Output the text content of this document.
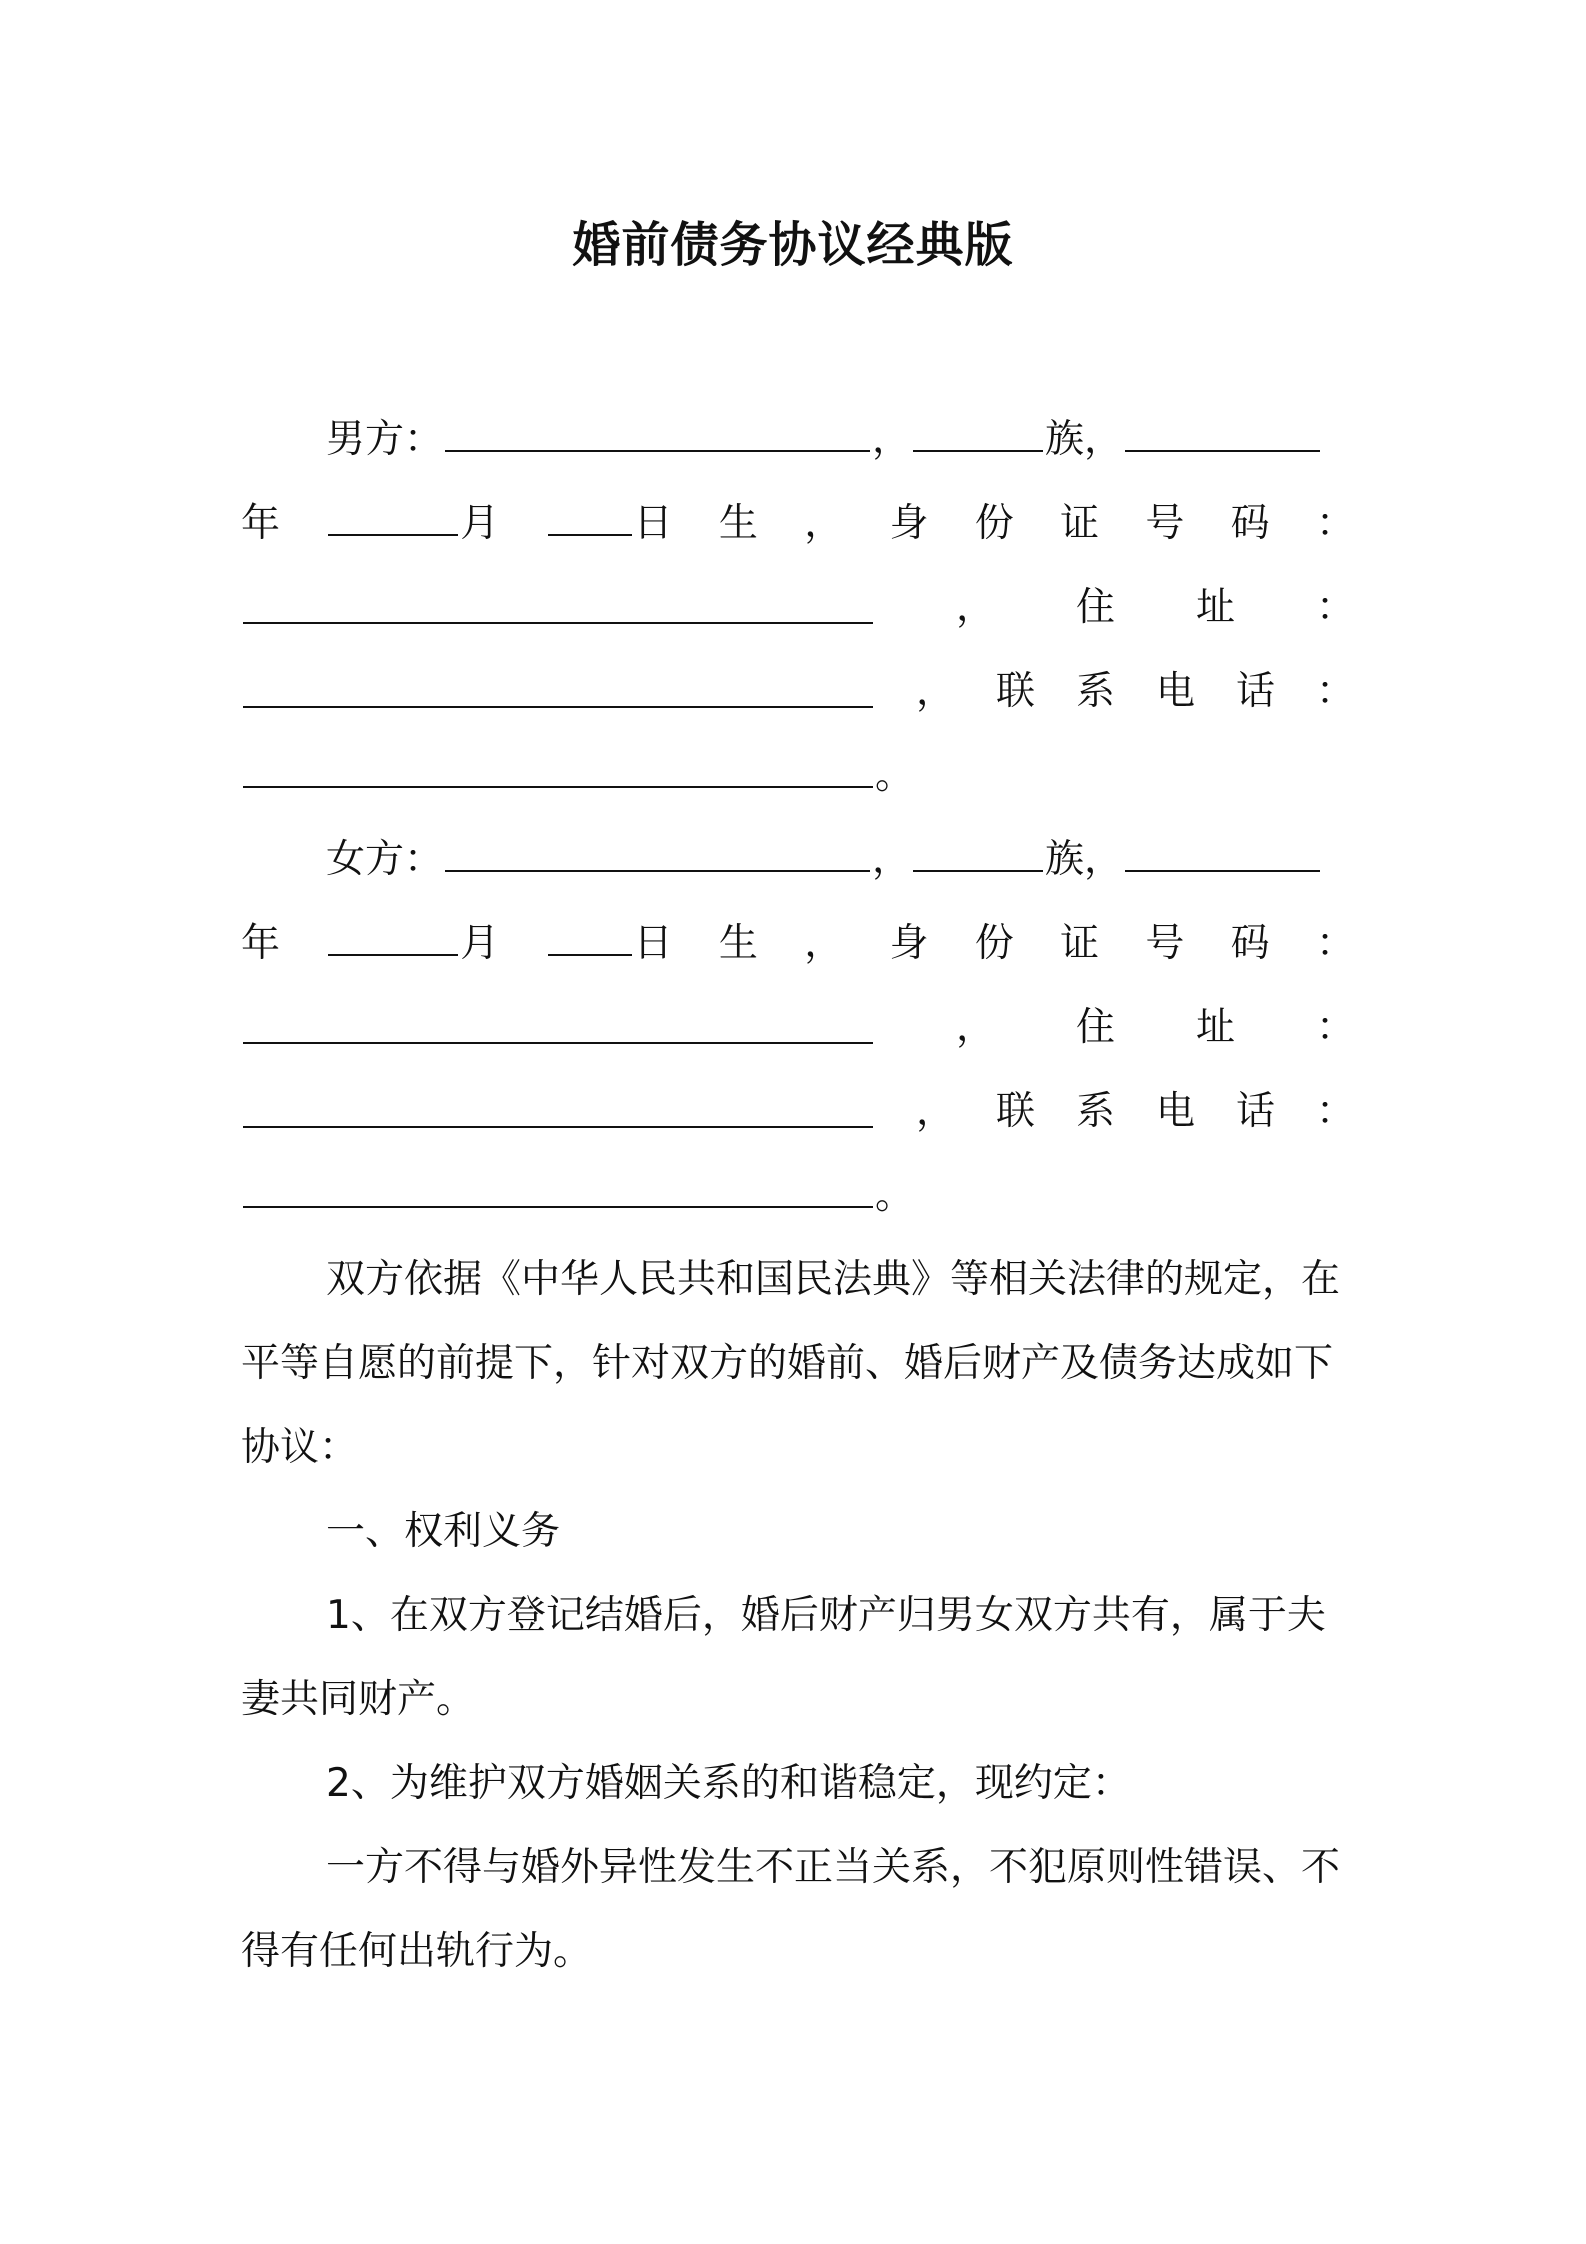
婚前债务协议经典版
男方：	，	族，
年	月	日 生 ， 身 份 证 号 码 ：
， 住 址 ：
， 联 系 电 话 ：
。
女方：	，	族，
年	月	日 生 ， 身 份 证 号 码 ：
， 住 址 ：
， 联 系 电 话 ：
。
双方依据《中华人民共和国民法典》等相关法律的规定，在
平等自愿的前提下，针对双方的婚前、婚后财产及债务达成如下
协议：
一、权利义务
1、在双方登记结婚后，婚后财产归男女双方共有，属于夫
妻共同财产。
2、为维护双方婚姻关系的和谐稳定，现约定：
一方不得与婚外异性发生不正当关系，不犯原则性错误、不
得有任何出轨行为。
